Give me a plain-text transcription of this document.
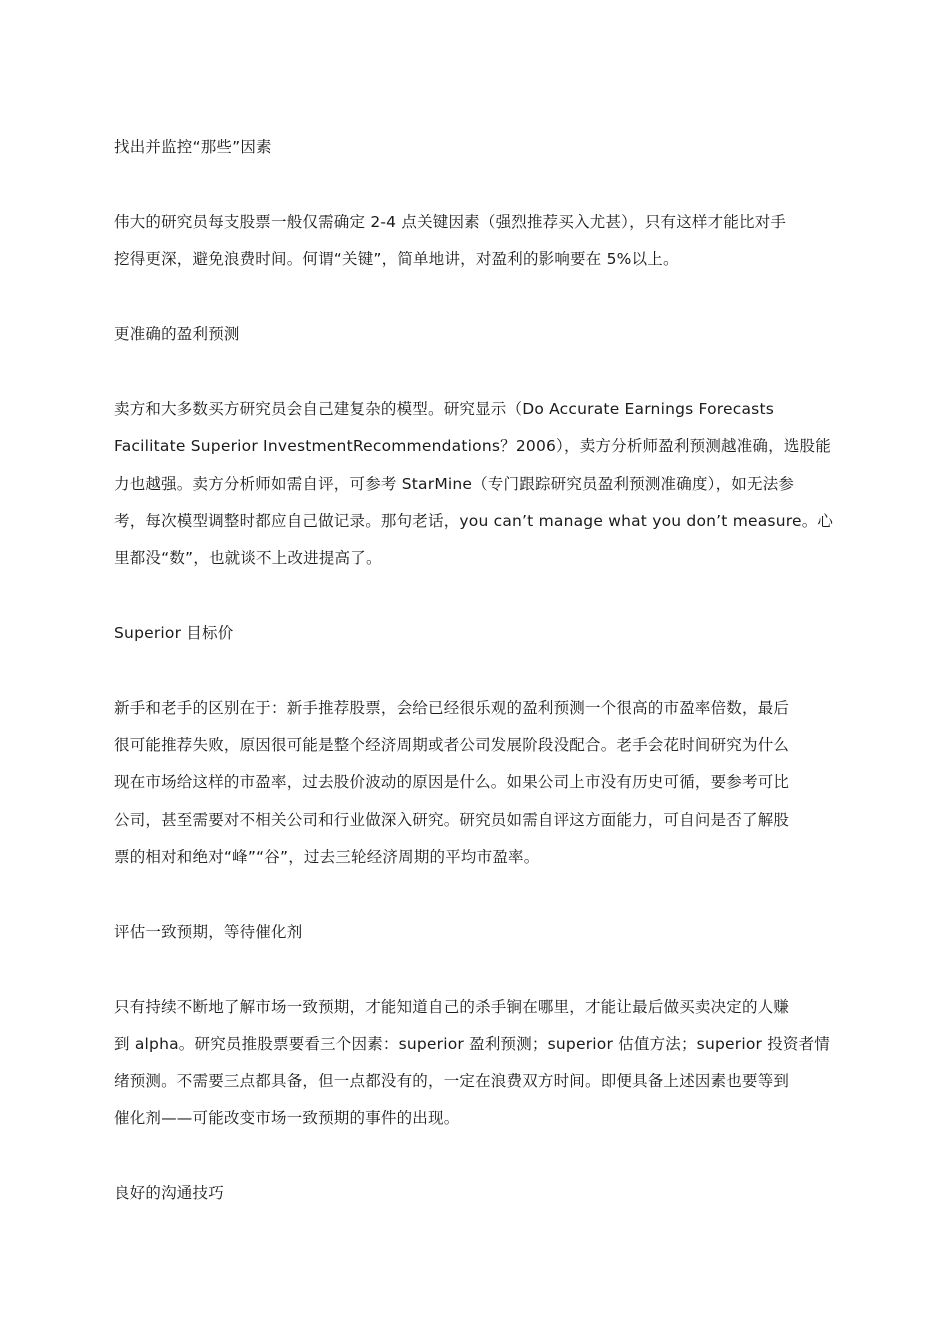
找出并监控“那些”因素

伟大的研究员每支股票一般仅需确定 2-4 点关键因素（强烈推荐买入尤甚），只有这样才能比对手

挖得更深，避免浪费时间。何谓“关键”，简单地讲，对盈利的影响要在 5%以上。

更准确的盈利预测

卖方和大多数买方研究员会自己建复杂的模型。研究显示（Do Accurate Earnings Forecasts

Facilitate Superior InvestmentRecommendations？2006），卖方分析师盈利预测越准确，选股能

力也越强。卖方分析师如需自评，可参考 StarMine（专门跟踪研究员盈利预测准确度），如无法参

考，每次模型调整时都应自己做记录。那句老话，you can’t manage what you don’t measure。心

里都没“数”，也就谈不上改进提高了。

Superior 目标价

新手和老手的区别在于：新手推荐股票，会给已经很乐观的盈利预测一个很高的市盈率倍数，最后

很可能推荐失败，原因很可能是整个经济周期或者公司发展阶段没配合。老手会花时间研究为什么

现在市场给这样的市盈率，过去股价波动的原因是什么。如果公司上市没有历史可循，要参考可比

公司，甚至需要对不相关公司和行业做深入研究。研究员如需自评这方面能力，可自问是否了解股

票的相对和绝对“峰”“谷”，过去三轮经济周期的平均市盈率。

评估一致预期，等待催化剂

只有持续不断地了解市场一致预期，才能知道自己的杀手锏在哪里，才能让最后做买卖决定的人赚

到 alpha。研究员推股票要看三个因素：superior 盈利预测；superior 估值方法；superior 投资者情

绪预测。不需要三点都具备，但一点都没有的，一定在浪费双方时间。即便具备上述因素也要等到

催化剂——可能改变市场一致预期的事件的出现。

良好的沟通技巧
